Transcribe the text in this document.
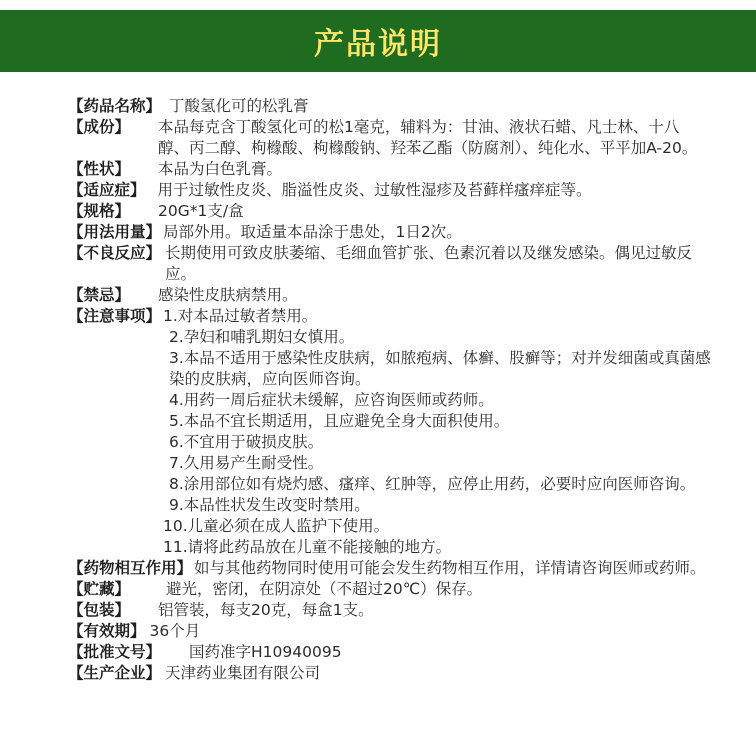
产品说明
【药品名称】 丁酸氢化可的松乳膏
【成份】 本品每克含丁酸氢化可的松1毫克，辅料为：甘油、液状石蜡、凡士林、十八醇、丙二醇、枸橼酸、枸橼酸钠、羟苯乙酯（防腐剂）、纯化水、平平加A-20。
【性状】	本品为白色乳膏。
【适应症】 用于过敏性皮炎、脂溢性皮炎、过敏性湿疹及苔藓样瘙痒症等。
【规格】	20G*1支/盒
【用法用量】 局部外用。取适量本品涂于患处，1日2次。
【不良反应】 长期使用可致皮肤萎缩、毛细血管扩张、色素沉着以及继发感染。偶见过敏反应。
【禁忌】	感染性皮肤病禁用。
【注意事项】 1.对本品过敏者禁用。
2.孕妇和哺乳期妇女慎用。
3.本品不适用于感染性皮肤病，如脓疱病、体癣、股癣等；对并发细菌或真菌感染的皮肤病，应向医师咨询。
4.用药一周后症状未缓解，应咨询医师或药师。
5.本品不宜长期适用，且应避免全身大面积使用。
6.不宜用于破损皮肤。
7.久用易产生耐受性。
8.涂用部位如有烧灼感、瘙痒、红肿等，应停止用药，必要时应向医师咨询。
9.本品性状发生改变时禁用。
10.儿童必须在成人监护下使用。
11.请将此药品放在儿童不能接触的地方。
【药物相互作用】 如与其他药物同时使用可能会发生药物相互作用，详情请咨询医师或药师。
【贮藏】	避光，密闭，在阴凉处（不超过20℃）保存。
【包装】	铝管装，每支20克，每盒1支。
【有效期】 36个月
【批准文号】	国药准字H10940095
【生产企业】 天津药业集团有限公司
